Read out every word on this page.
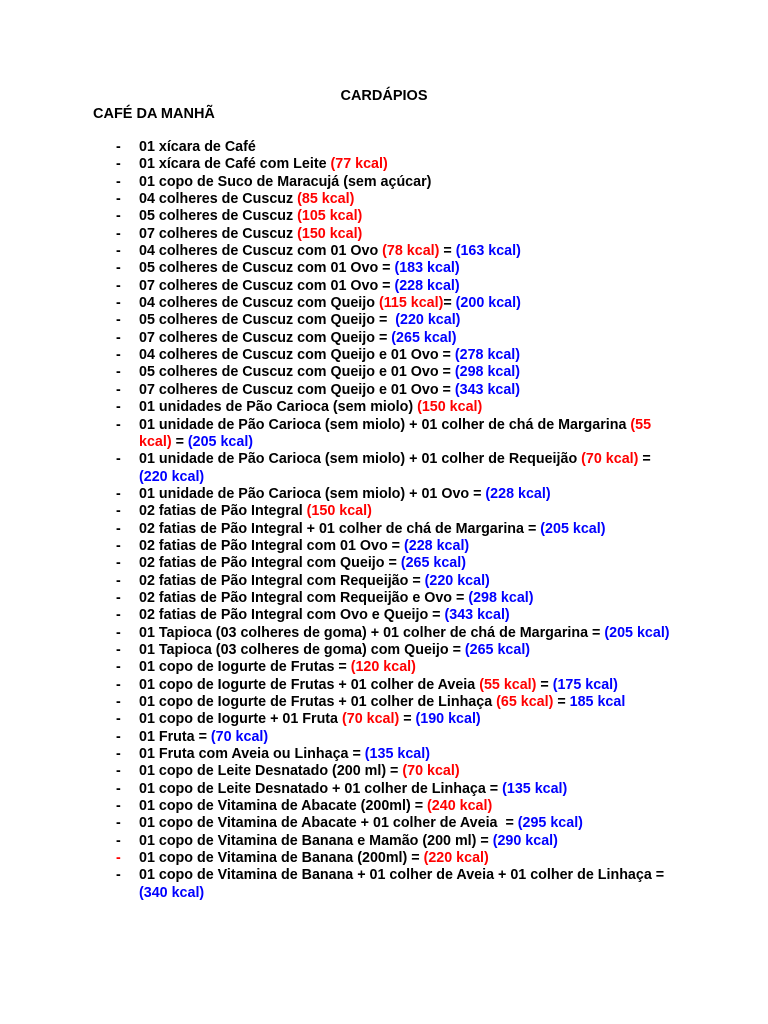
CARDÁPIOS
CAFÉ DA MANHÃ
- 01 xícara de Café
- 01 xícara de Café com Leite (77 kcal)
- 01 copo de Suco de Maracujá (sem açúcar)
- 04 colheres de Cuscuz (85 kcal)
- 05 colheres de Cuscuz (105 kcal)
- 07 colheres de Cuscuz (150 kcal)
- 04 colheres de Cuscuz com 01 Ovo (78 kcal) = (163 kcal)
- 05 colheres de Cuscuz com 01 Ovo = (183 kcal)
- 07 colheres de Cuscuz com 01 Ovo = (228 kcal)
- 04 colheres de Cuscuz com Queijo (115 kcal)= (200 kcal)
- 05 colheres de Cuscuz com Queijo =  (220 kcal)
- 07 colheres de Cuscuz com Queijo = (265 kcal)
- 04 colheres de Cuscuz com Queijo e 01 Ovo = (278 kcal)
- 05 colheres de Cuscuz com Queijo e 01 Ovo = (298 kcal)
- 07 colheres de Cuscuz com Queijo e 01 Ovo = (343 kcal)
- 01 unidades de Pão Carioca (sem miolo) (150 kcal)
- 01 unidade de Pão Carioca (sem miolo) + 01 colher de chá de Margarina (55 kcal) = (205 kcal)
- 01 unidade de Pão Carioca (sem miolo) + 01 colher de Requeijão (70 kcal) = (220 kcal)
- 01 unidade de Pão Carioca (sem miolo) + 01 Ovo = (228 kcal)
- 02 fatias de Pão Integral (150 kcal)
- 02 fatias de Pão Integral + 01 colher de chá de Margarina = (205 kcal)
- 02 fatias de Pão Integral com 01 Ovo = (228 kcal)
- 02 fatias de Pão Integral com Queijo = (265 kcal)
- 02 fatias de Pão Integral com Requeijão = (220 kcal)
- 02 fatias de Pão Integral com Requeijão e Ovo = (298 kcal)
- 02 fatias de Pão Integral com Ovo e Queijo = (343 kcal)
- 01 Tapioca (03 colheres de goma) + 01 colher de chá de Margarina = (205 kcal)
- 01 Tapioca (03 colheres de goma) com Queijo = (265 kcal)
- 01 copo de Iogurte de Frutas = (120 kcal)
- 01 copo de Iogurte de Frutas + 01 colher de Aveia (55 kcal) = (175 kcal)
- 01 copo de Iogurte de Frutas + 01 colher de Linhaça (65 kcal) = 185 kcal
- 01 copo de Iogurte + 01 Fruta (70 kcal) = (190 kcal)
- 01 Fruta = (70 kcal)
- 01 Fruta com Aveia ou Linhaça = (135 kcal)
- 01 copo de Leite Desnatado (200 ml) = (70 kcal)
- 01 copo de Leite Desnatado + 01 colher de Linhaça = (135 kcal)
- 01 copo de Vitamina de Abacate (200ml) = (240 kcal)
- 01 copo de Vitamina de Abacate + 01 colher de Aveia  = (295 kcal)
- 01 copo de Vitamina de Banana e Mamão (200 ml) = (290 kcal)
- 01 copo de Vitamina de Banana (200ml) = (220 kcal)
- 01 copo de Vitamina de Banana + 01 colher de Aveia + 01 colher de Linhaça = (340 kcal)
